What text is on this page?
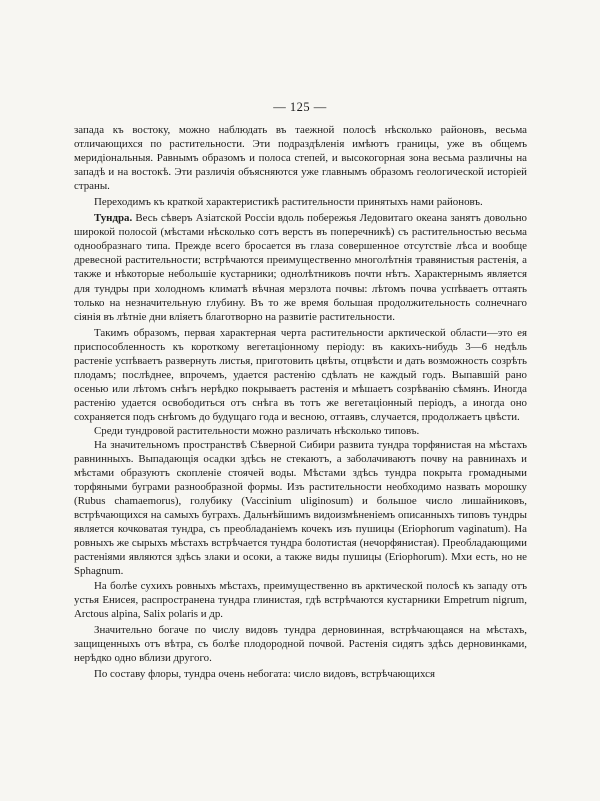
— 125 —

запада къ востоку, можно наблюдать въ таежной полосѣ нѣсколько районовъ, весьма отличающихся по растительности. Эти подраздѣленія имѣютъ границы, уже въ общемъ меридіональныя. Равнымъ образомъ и полоса степей, и высокогорная зона весьма различны на западѣ и на востокѣ. Эти различія объясняются уже главнымъ образомъ геологической исторіей страны.

Переходимъ къ краткой характеристикѣ растительности принятыхъ нами районовъ.

Тундра. Весь сѣверъ Азіатской Россіи вдоль побережья Ледовитаго океана занятъ довольно широкой полосой (мѣстами нѣсколько сотъ верстъ въ поперечникѣ) съ растительностью весьма однообразнаго типа. Прежде всего бросается въ глаза совершенное отсутствіе лѣса и вообще древесной растительности; встрѣчаются преимущественно многолѣтнія травянистыя растенія, а также и нѣкоторые небольшіе кустарники; однолѣтниковъ почти нѣтъ. Характернымъ является для тундры при холодномъ климатѣ вѣчная мерзлота почвы: лѣтомъ почва успѣваетъ оттаять только на незначительную глубину. Въ то же время большая продолжительность солнечнаго сіянія въ лѣтніе дни вліяетъ благотворно на развитіе растительности.

Такимъ образомъ, первая характерная черта растительности арктической области—это ея приспособленность къ короткому вегетаціонному періоду: въ какихъ-нибудь 3—6 недѣль растеніе успѣваетъ развернуть листья, приготовить цвѣты, отцвѣсти и дать возможность созрѣть плодамъ; послѣднее, впрочемъ, удается растенію сдѣлать не каждый годъ. Выпавшій рано осенью или лѣтомъ снѣгъ нерѣдко покрываетъ растенія и мѣшаетъ созрѣванію сѣмянъ. Иногда растенію удается освободиться отъ снѣга въ тотъ же вегетаціонный періодъ, а иногда оно сохраняется подъ снѣгомъ до будущаго года и весною, оттаявъ, случается, продолжаетъ цвѣсти.

Среди тундровой растительности можно различать нѣсколько типовъ.

На значительномъ пространствѣ Сѣверной Сибири развита тундра торфянистая на мѣстахъ равнинныхъ. Выпадающія осадки здѣсь не стекаютъ, а заболачиваютъ почву на равнинахъ и мѣстами образуютъ скопленіе стоячей воды. Мѣстами здѣсь тундра покрыта громадными торфяными буграми разнообразной формы. Изъ растительности необходимо назвать морошку (Rubus chamaemorus), голубику (Vaccinium uliginosum) и большое число лишайниковъ, встрѣчающихся на самыхъ буграхъ. Дальнѣйшимъ видоизмѣненіемъ описанныхъ типовъ тундры является кочковатая тундра, съ преобладаніемъ кочекъ изъ пушицы (Eriophorum vaginatum). На ровныхъ же сырыхъ мѣстахъ встрѣчается тундра болотистая (нечорфянистая). Преобладающими растеніями являются здѣсь злаки и осоки, а также виды пушицы (Eriophorum). Мхи есть, но не Sphagnum.

На болѣе сухихъ ровныхъ мѣстахъ, преимущественно въ арктической полосѣ къ западу отъ устья Енисея, распространена тундра глинистая, гдѣ встрѣчаются кустарники Empetrum nigrum, Arctous alpina, Salix polaris и др.

Значительно богаче по числу видовъ тундра дерновинная, встрѣчающаяся на мѣстахъ, защищенныхъ отъ вѣтра, съ болѣе плодородной почвой. Растенія сидятъ здѣсь дерновинками, нерѣдко одно вблизи другого.

По составу флоры, тундра очень небогата: число видовъ, встрѣчающихся
